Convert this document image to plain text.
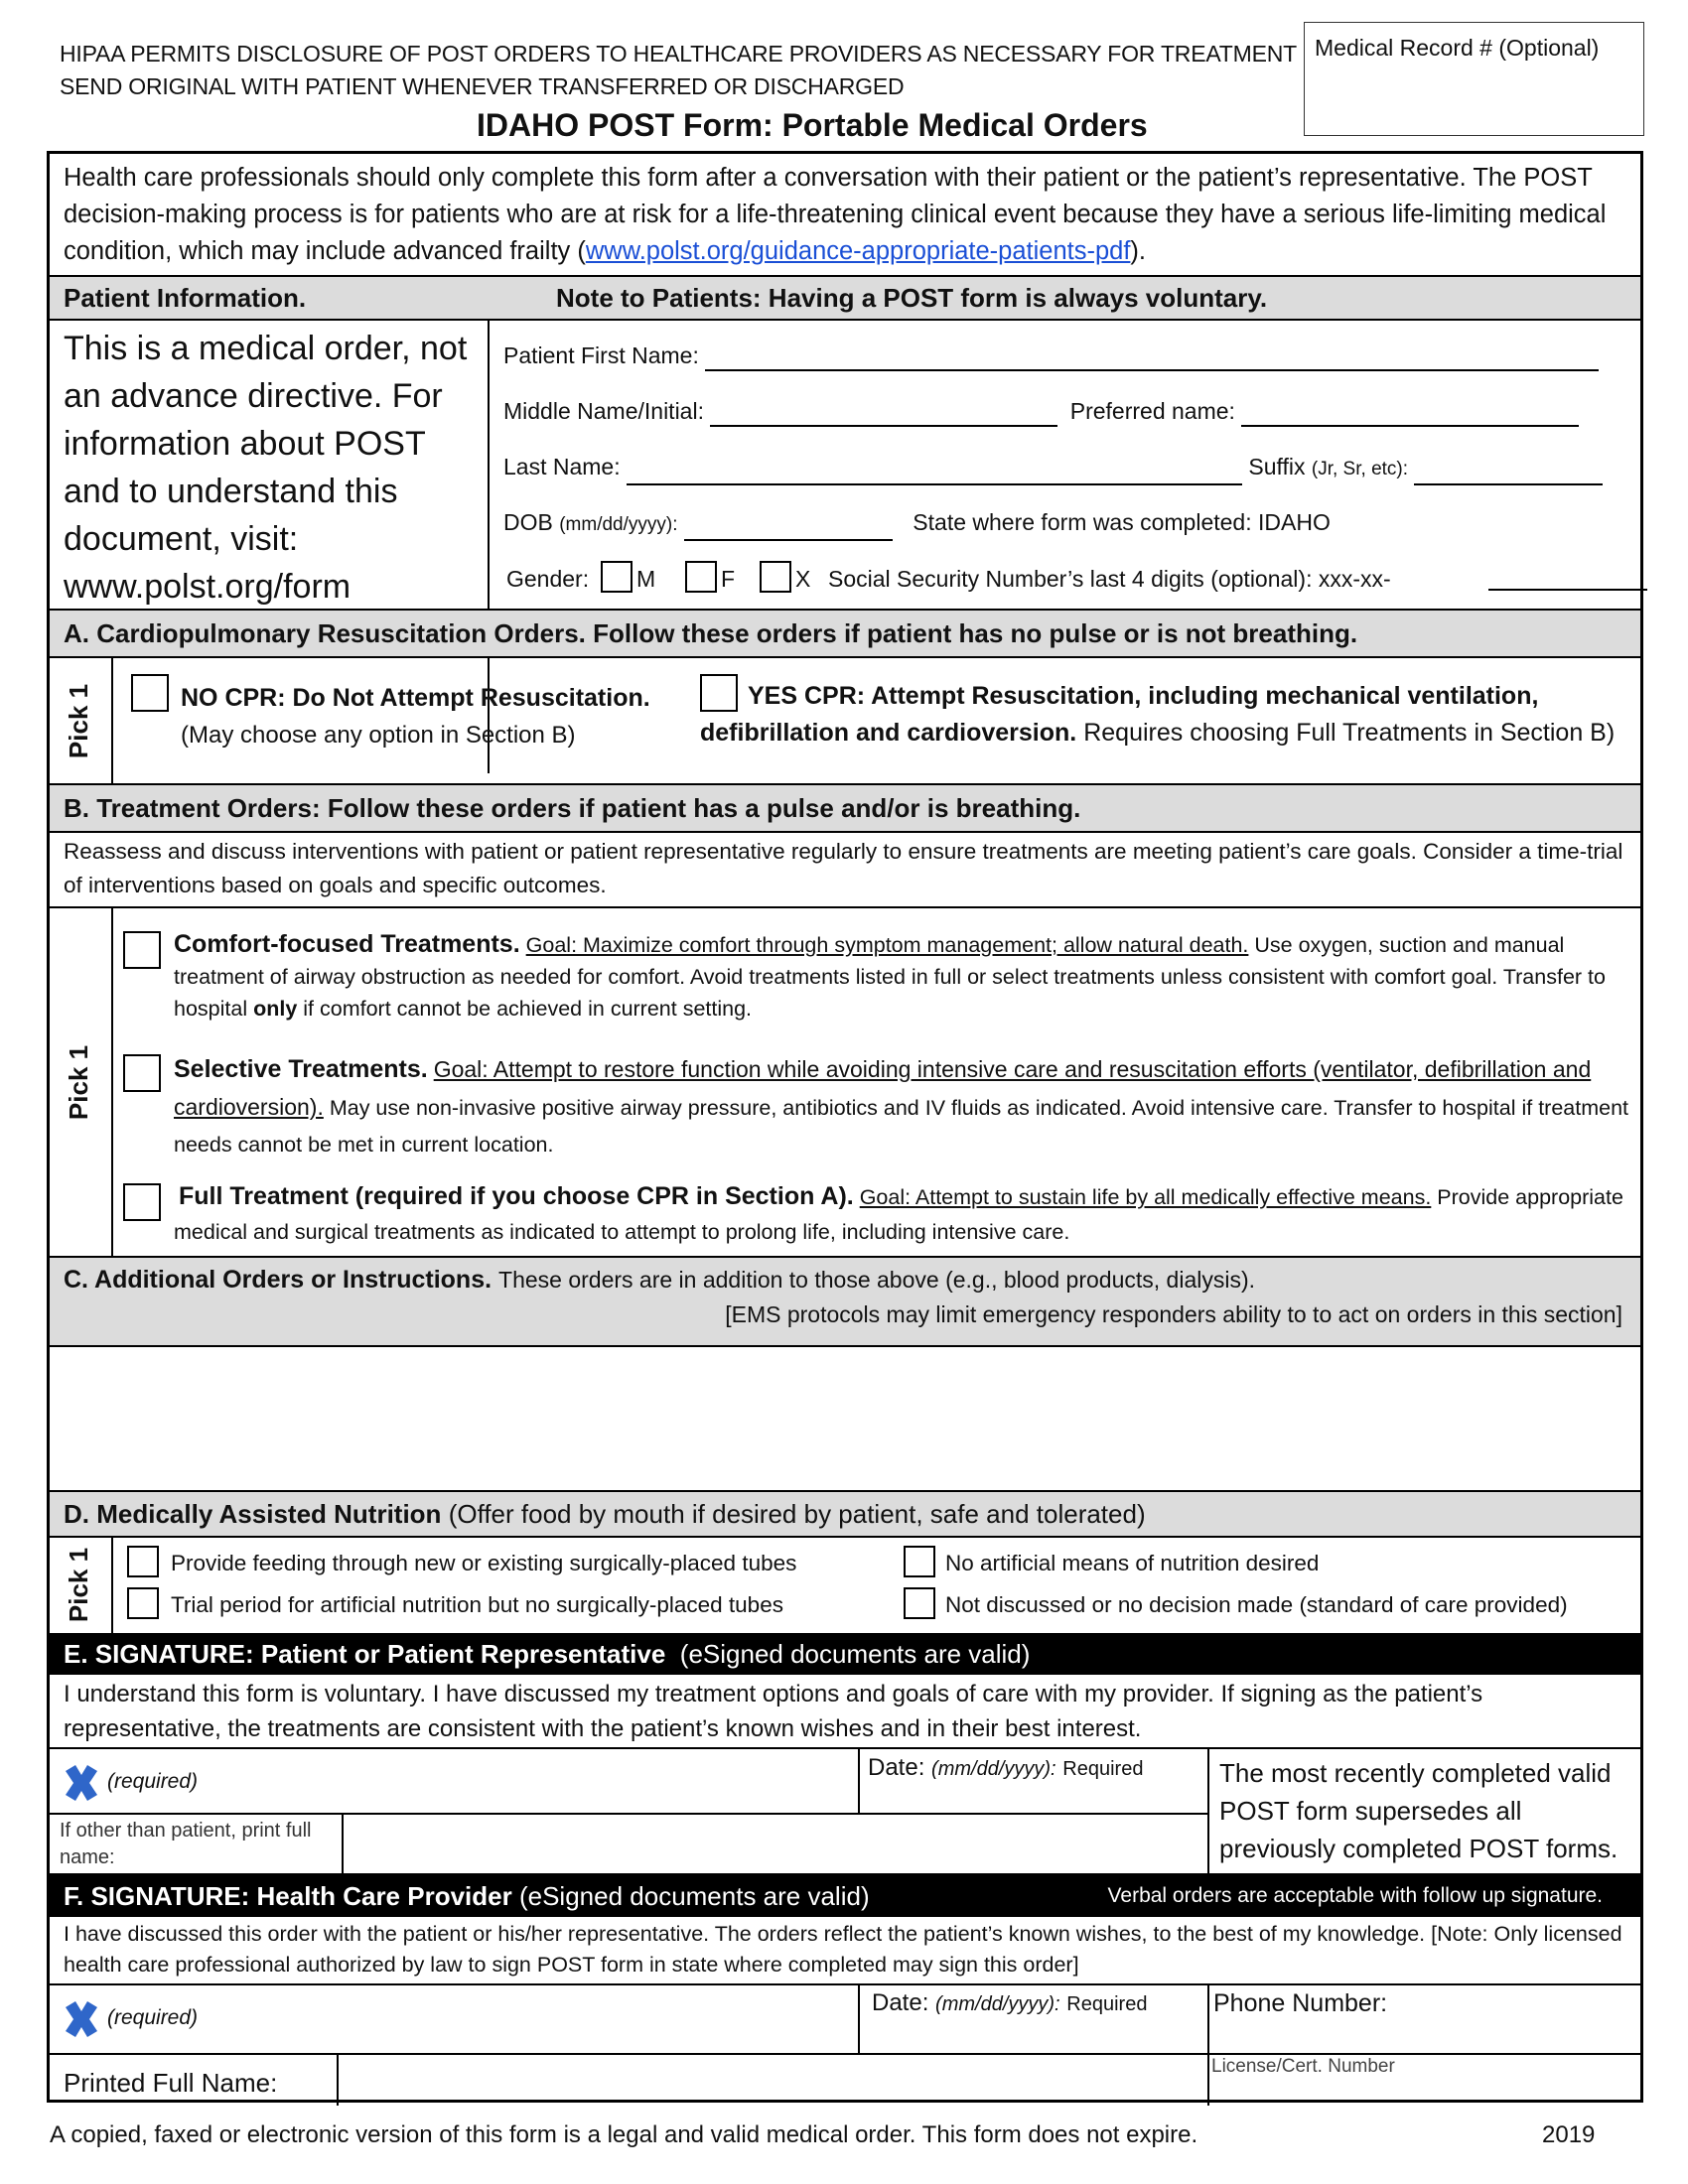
HIPAA PERMITS DISCLOSURE OF POST ORDERS TO HEALTHCARE PROVIDERS AS NECESSARY FOR TREATMENT
SEND ORIGINAL WITH PATIENT WHENEVER TRANSFERRED OR DISCHARGED
Medical Record # (Optional)
IDAHO POST Form: Portable Medical Orders
Health care professionals should only complete this form after a conversation with their patient or the patient’s representative. The POST decision-making process is for patients who are at risk for a life-threatening clinical event because they have a serious life-limiting medical condition, which may include advanced frailty (www.polst.org/guidance-appropriate-patients-pdf).
Patient Information.	Note to Patients: Having a POST form is always voluntary.
This is a medical order, not an advance directive. For information about POST and to understand this document, visit: www.polst.org/form
Patient First Name:
Middle Name/Initial:	Preferred name:
Last Name:	Suffix (Jr, Sr, etc):
DOB (mm/dd/yyyy):	State where form was completed: IDAHO
Gender: M	F	X Social Security Number’s last 4 digits (optional): xxx-xx-
A. Cardiopulmonary Resuscitation Orders. Follow these orders if patient has no pulse or is not breathing.
Pick 1	NO CPR: Do Not Attempt Resuscitation.
(May choose any option in Section B)
YES CPR: Attempt Resuscitation, including mechanical ventilation, defibrillation and cardioversion. Requires choosing Full Treatments in Section B)
B. Treatment Orders: Follow these orders if patient has a pulse and/or is breathing.
Reassess and discuss interventions with patient or patient representative regularly to ensure treatments are meeting patient’s care goals. Consider a time-trial of interventions based on goals and specific outcomes.
Pick 1
Comfort-focused Treatments. Goal: Maximize comfort through symptom management; allow natural death. Use oxygen, suction and manual treatment of airway obstruction as needed for comfort. Avoid treatments listed in full or select treatments unless consistent with comfort goal. Transfer to hospital only if comfort cannot be achieved in current setting.
Selective Treatments. Goal: Attempt to restore function while avoiding intensive care and resuscitation efforts (ventilator, defibrillation and cardioversion). May use non-invasive positive airway pressure, antibiotics and IV fluids as indicated. Avoid intensive care. Transfer to hospital if treatment needs cannot be met in current location.
Full Treatment (required if you choose CPR in Section A). Goal: Attempt to sustain life by all medically effective means. Provide appropriate medical and surgical treatments as indicated to attempt to prolong life, including intensive care.
C. Additional Orders or Instructions. These orders are in addition to those above (e.g., blood products, dialysis).
[EMS protocols may limit emergency responders ability to to act on orders in this section]
D. Medically Assisted Nutrition
(Offer food by mouth if desired by patient, safe and tolerated)
Pick 1	Provide feeding through new or existing surgically-placed tubes
Trial period for artificial nutrition but no surgically-placed tubes
No artificial means of nutrition desired
Not discussed or no decision made (standard of care provided)
E. SIGNATURE: Patient or Patient Representative
(eSigned documents are valid)
I understand this form is voluntary. I have discussed my treatment options and goals of care with my provider. If signing as the patient’s representative, the treatments are consistent with the patient’s known wishes and in their best interest.
(required)
Date: (mm/dd/yyyy): Required	The most recently completed valid POST form supersedes all previously completed POST forms.
If other than patient, print full name:
F. SIGNATURE: Health Care Provider
(eSigned documents are valid)	Verbal orders are acceptable with follow up signature.
I have discussed this order with the patient or his/her representative. The orders reflect the patient’s known wishes, to the best of my knowledge. [Note: Only licensed health care professional authorized by law to sign POST form in state where completed may sign this order]
(required)
Date: (mm/dd/yyyy): Required	Phone Number:
Printed Full Name:
License/Cert. Number
A copied, faxed or electronic version of this form is a legal and valid medical order. This form does not expire.	2019
